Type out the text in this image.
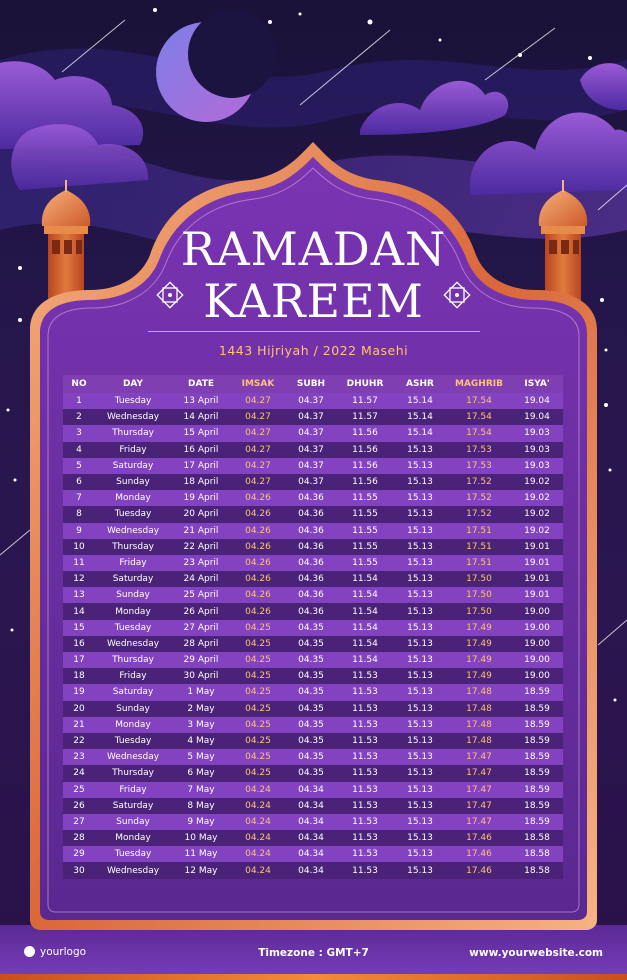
RAMADAN
KAREEM
1443 Hijriyah / 2022 Masehi
NO	DAY	DATE	IMSAK	SUBH	DHUHR	ASHR	MAGHRIB	ISYA'
1	Tuesday	13 April	04.27	04.37	11.57	15.14	17.54	19.04
2	Wednesday	14 April	04.27	04.37	11.57	15.14	17.54	19.04
3	Thursday	15 April	04.27	04.37	11.56	15.14	17.54	19.03
4	Friday	16 April	04.27	04.37	11.56	15.13	17.53	19.03
5	Saturday	17 April	04.27	04.37	11.56	15.13	17.53	19.03
6	Sunday	18 April	04.27	04.37	11.56	15.13	17.52	19.02
7	Monday	19 April	04.26	04.36	11.55	15.13	17.52	19.02
8	Tuesday	20 April	04.26	04.36	11.55	15.13	17.52	19.02
9	Wednesday	21 April	04.26	04.36	11.55	15.13	17.51	19.02
10	Thursday	22 April	04.26	04.36	11.55	15.13	17.51	19.01
11	Friday	23 April	04.26	04.36	11.55	15.13	17.51	19.01
12	Saturday	24 April	04.26	04.36	11.54	15.13	17.50	19.01
13	Sunday	25 April	04.26	04.36	11.54	15.13	17.50	19.01
14	Monday	26 April	04.26	04.36	11.54	15.13	17.50	19.00
15	Tuesday	27 April	04.25	04.35	11.54	15.13	17.49	19.00
16	Wednesday	28 April	04.25	04.35	11.54	15.13	17.49	19.00
17	Thursday	29 April	04.25	04.35	11.54	15.13	17.49	19.00
18	Friday	30 April	04.25	04.35	11.53	15.13	17.49	19.00
19	Saturday	1 May	04.25	04.35	11.53	15.13	17.48	18.59
20	Sunday	2 May	04.25	04.35	11.53	15.13	17.48	18.59
21	Monday	3 May	04.25	04.35	11.53	15.13	17.48	18.59
22	Tuesday	4 May	04.25	04.35	11.53	15.13	17.48	18.59
23	Wednesday	5 May	04.25	04.35	11.53	15.13	17.47	18.59
24	Thursday	6 May	04.25	04.35	11.53	15.13	17.47	18.59
25	Friday	7 May	04.24	04.34	11.53	15.13	17.47	18.59
26	Saturday	8 May	04.24	04.34	11.53	15.13	17.47	18.59
27	Sunday	9 May	04.24	04.34	11.53	15.13	17.47	18.59
28	Monday	10 May	04.24	04.34	11.53	15.13	17.46	18.58
29	Tuesday	11 May	04.24	04.34	11.53	15.13	17.46	18.58
30	Wednesday	12 May	04.24	04.34	11.53	15.13	17.46	18.58
yourlogo	Timezone : GMT+7	www.yourwebsite.com
